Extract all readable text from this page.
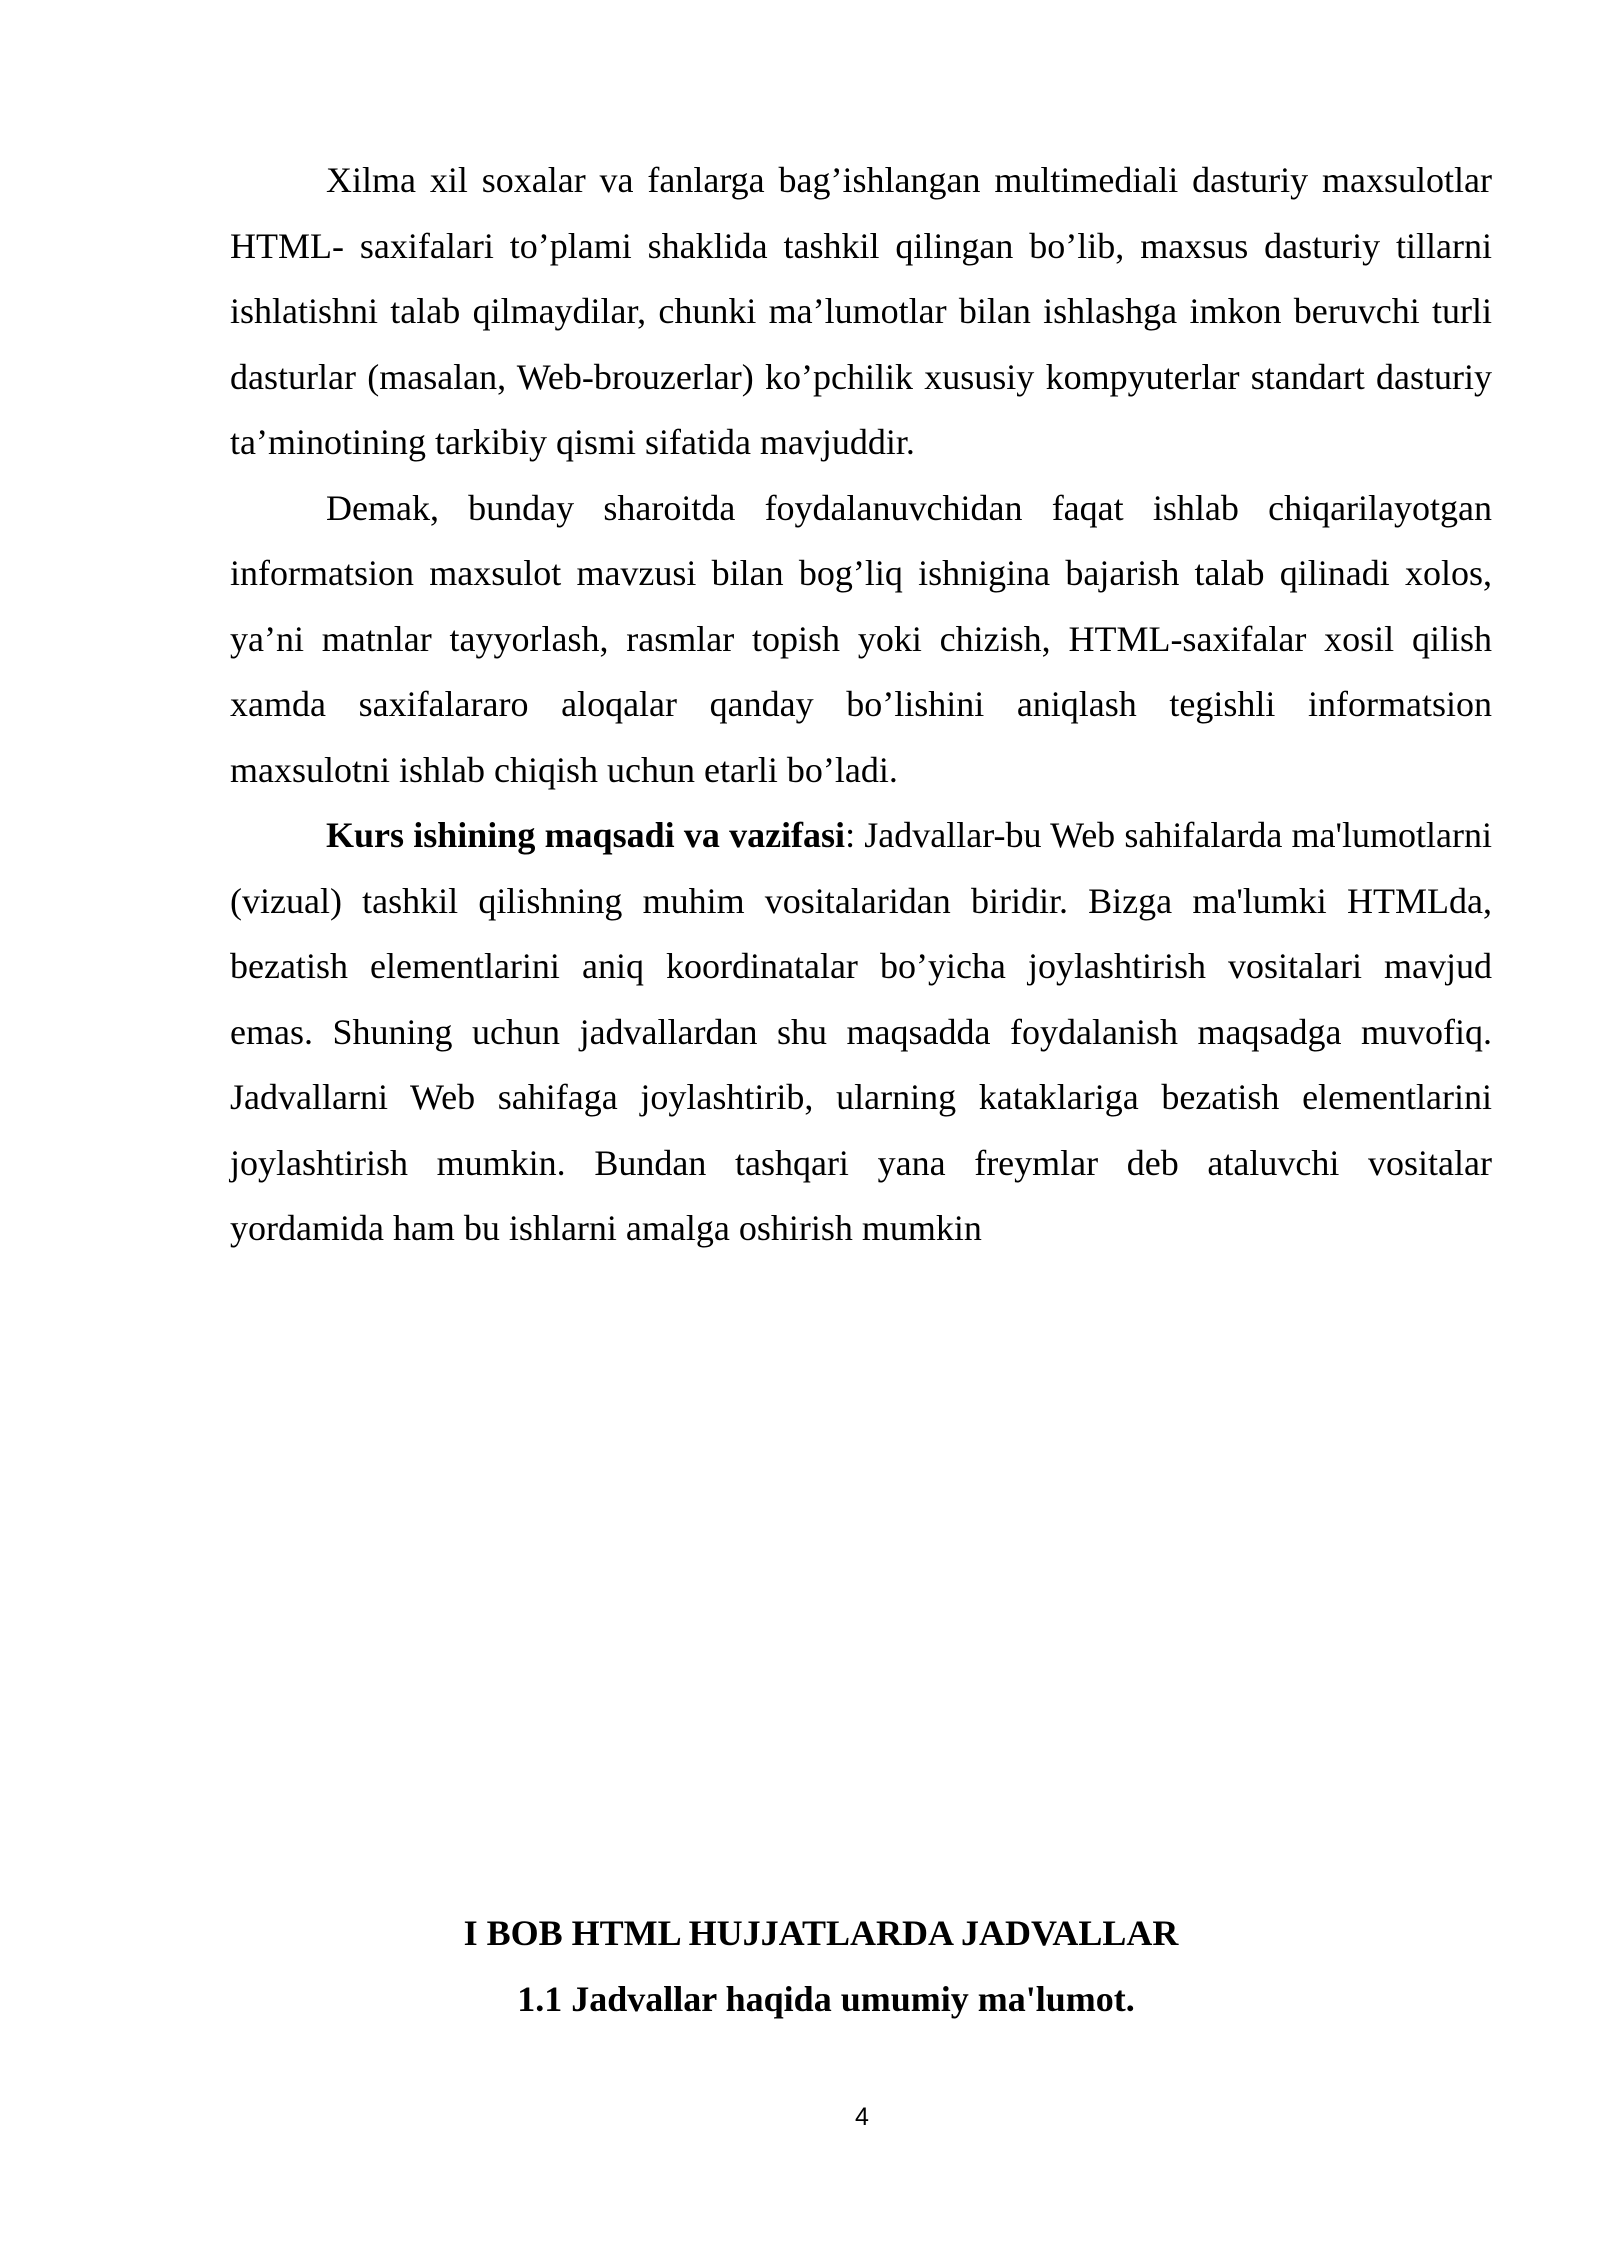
Xilma xil soxalar va fanlarga bag’ishlangan multimediali dasturiy maxsulotlar HTML- saxifalari to’plami shaklida tashkil qilingan bo’lib, maxsus dasturiy tillarni ishlatishni talab qilmaydilar, chunki ma’lumotlar bilan ishlashga imkon beruvchi turli dasturlar (masalan, Web-brouzerlar) ko’pchilik xususiy kompyuterlar standart dasturiy ta’minotining tarkibiy qismi sifatida mavjuddir.

Demak, bunday sharoitda foydalanuvchidan faqat ishlab chiqarilayotgan informatsion maxsulot mavzusi bilan bog’liq ishnigina bajarish talab qilinadi xolos, ya’ni matnlar tayyorlash, rasmlar topish yoki chizish, HTML-saxifalar xosil qilish xamda saxifalararo aloqalar qanday bo’lishini aniqlash tegishli informatsion maxsulotni ishlab chiqish uchun etarli bo’ladi.

Kurs ishining maqsadi va vazifasi: Jadvallar-bu Web sahifalarda ma'lumotlarni (vizual) tashkil qilishning muhim vositalaridan biridir. Bizga ma'lumki HTMLda, bezatish elementlarini aniq koordinatalar bo’yicha joylashtirish vositalari mavjud emas. Shuning uchun jadvallardan shu maqsadda foydalanish maqsadga muvofiq. Jadvallarni Web sahifaga joylashtirib, ularning kataklariga bezatish elementlarini joylashtirish mumkin. Bundan tashqari yana freymlar deb ataluvchi vositalar yordamida ham bu ishlarni amalga oshirish mumkin

I BOB HTML HUJJATLARDA JADVALLAR
1.1 Jadvallar haqida umumiy ma'lumot.
4
